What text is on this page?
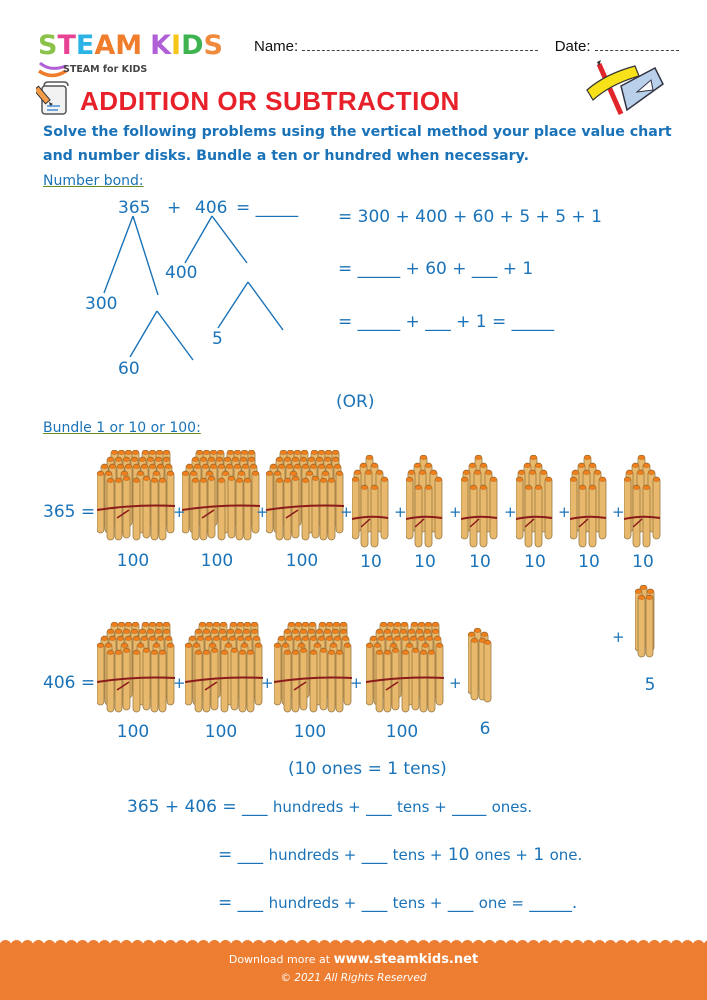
STEAM KIDS
STEAM for KIDS
Name:	Date:
ADDITION OR SUBTRACTION
Solve the following problems using the vertical method your place value chart and number disks. Bundle a ten or hundred when necessary.
Number bond:
365 + 406 = _____
300
60
400
5
= 300 + 400 + 60 + 5 + 5 + 1
= _____ + 60 + ___ + 1
= _____ + ___ + 1 = _____
(OR)
Bundle 1 or 10 or 100:
365 =	+	+	+	+	+	+	+	+
100	100	100 10 10 10 10 10 10
+
5
406 =	+	+	+	+
100	100	100	100	6
(10 ones = 1 tens)
365 + 406 = ___ hundreds + ___ tens + ____ ones.
= ___ hundreds + ___ tens + 10 ones + 1 one.
= ___ hundreds + ___ tens + ___ one = _____.
Download more at www.steamkids.net
© 2021 All Rights Reserved
